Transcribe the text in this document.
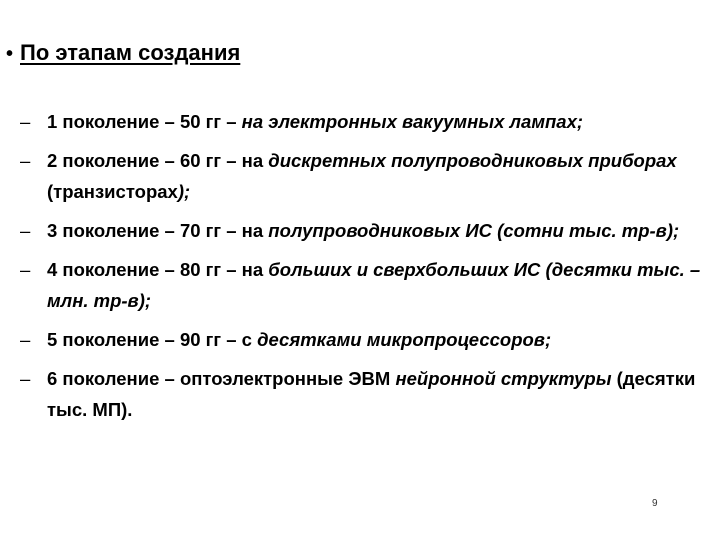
• По этапам создания
– 1 поколение – 50 гг – на электронных вакуумных лампах;
– 2 поколение – 60 гг – на дискретных полупроводниковых приборах (транзисторах);
– 3 поколение – 70 гг – на полупроводниковых ИС (сотни тыс. тр-в);
– 4 поколение – 80 гг – на больших и сверхбольших ИС (десятки тыс. – млн. тр-в);
– 5 поколение – 90 гг – с десятками микропроцессоров;
– 6 поколение – оптоэлектронные ЭВМ нейронной структуры (десятки тыс. МП).
9
